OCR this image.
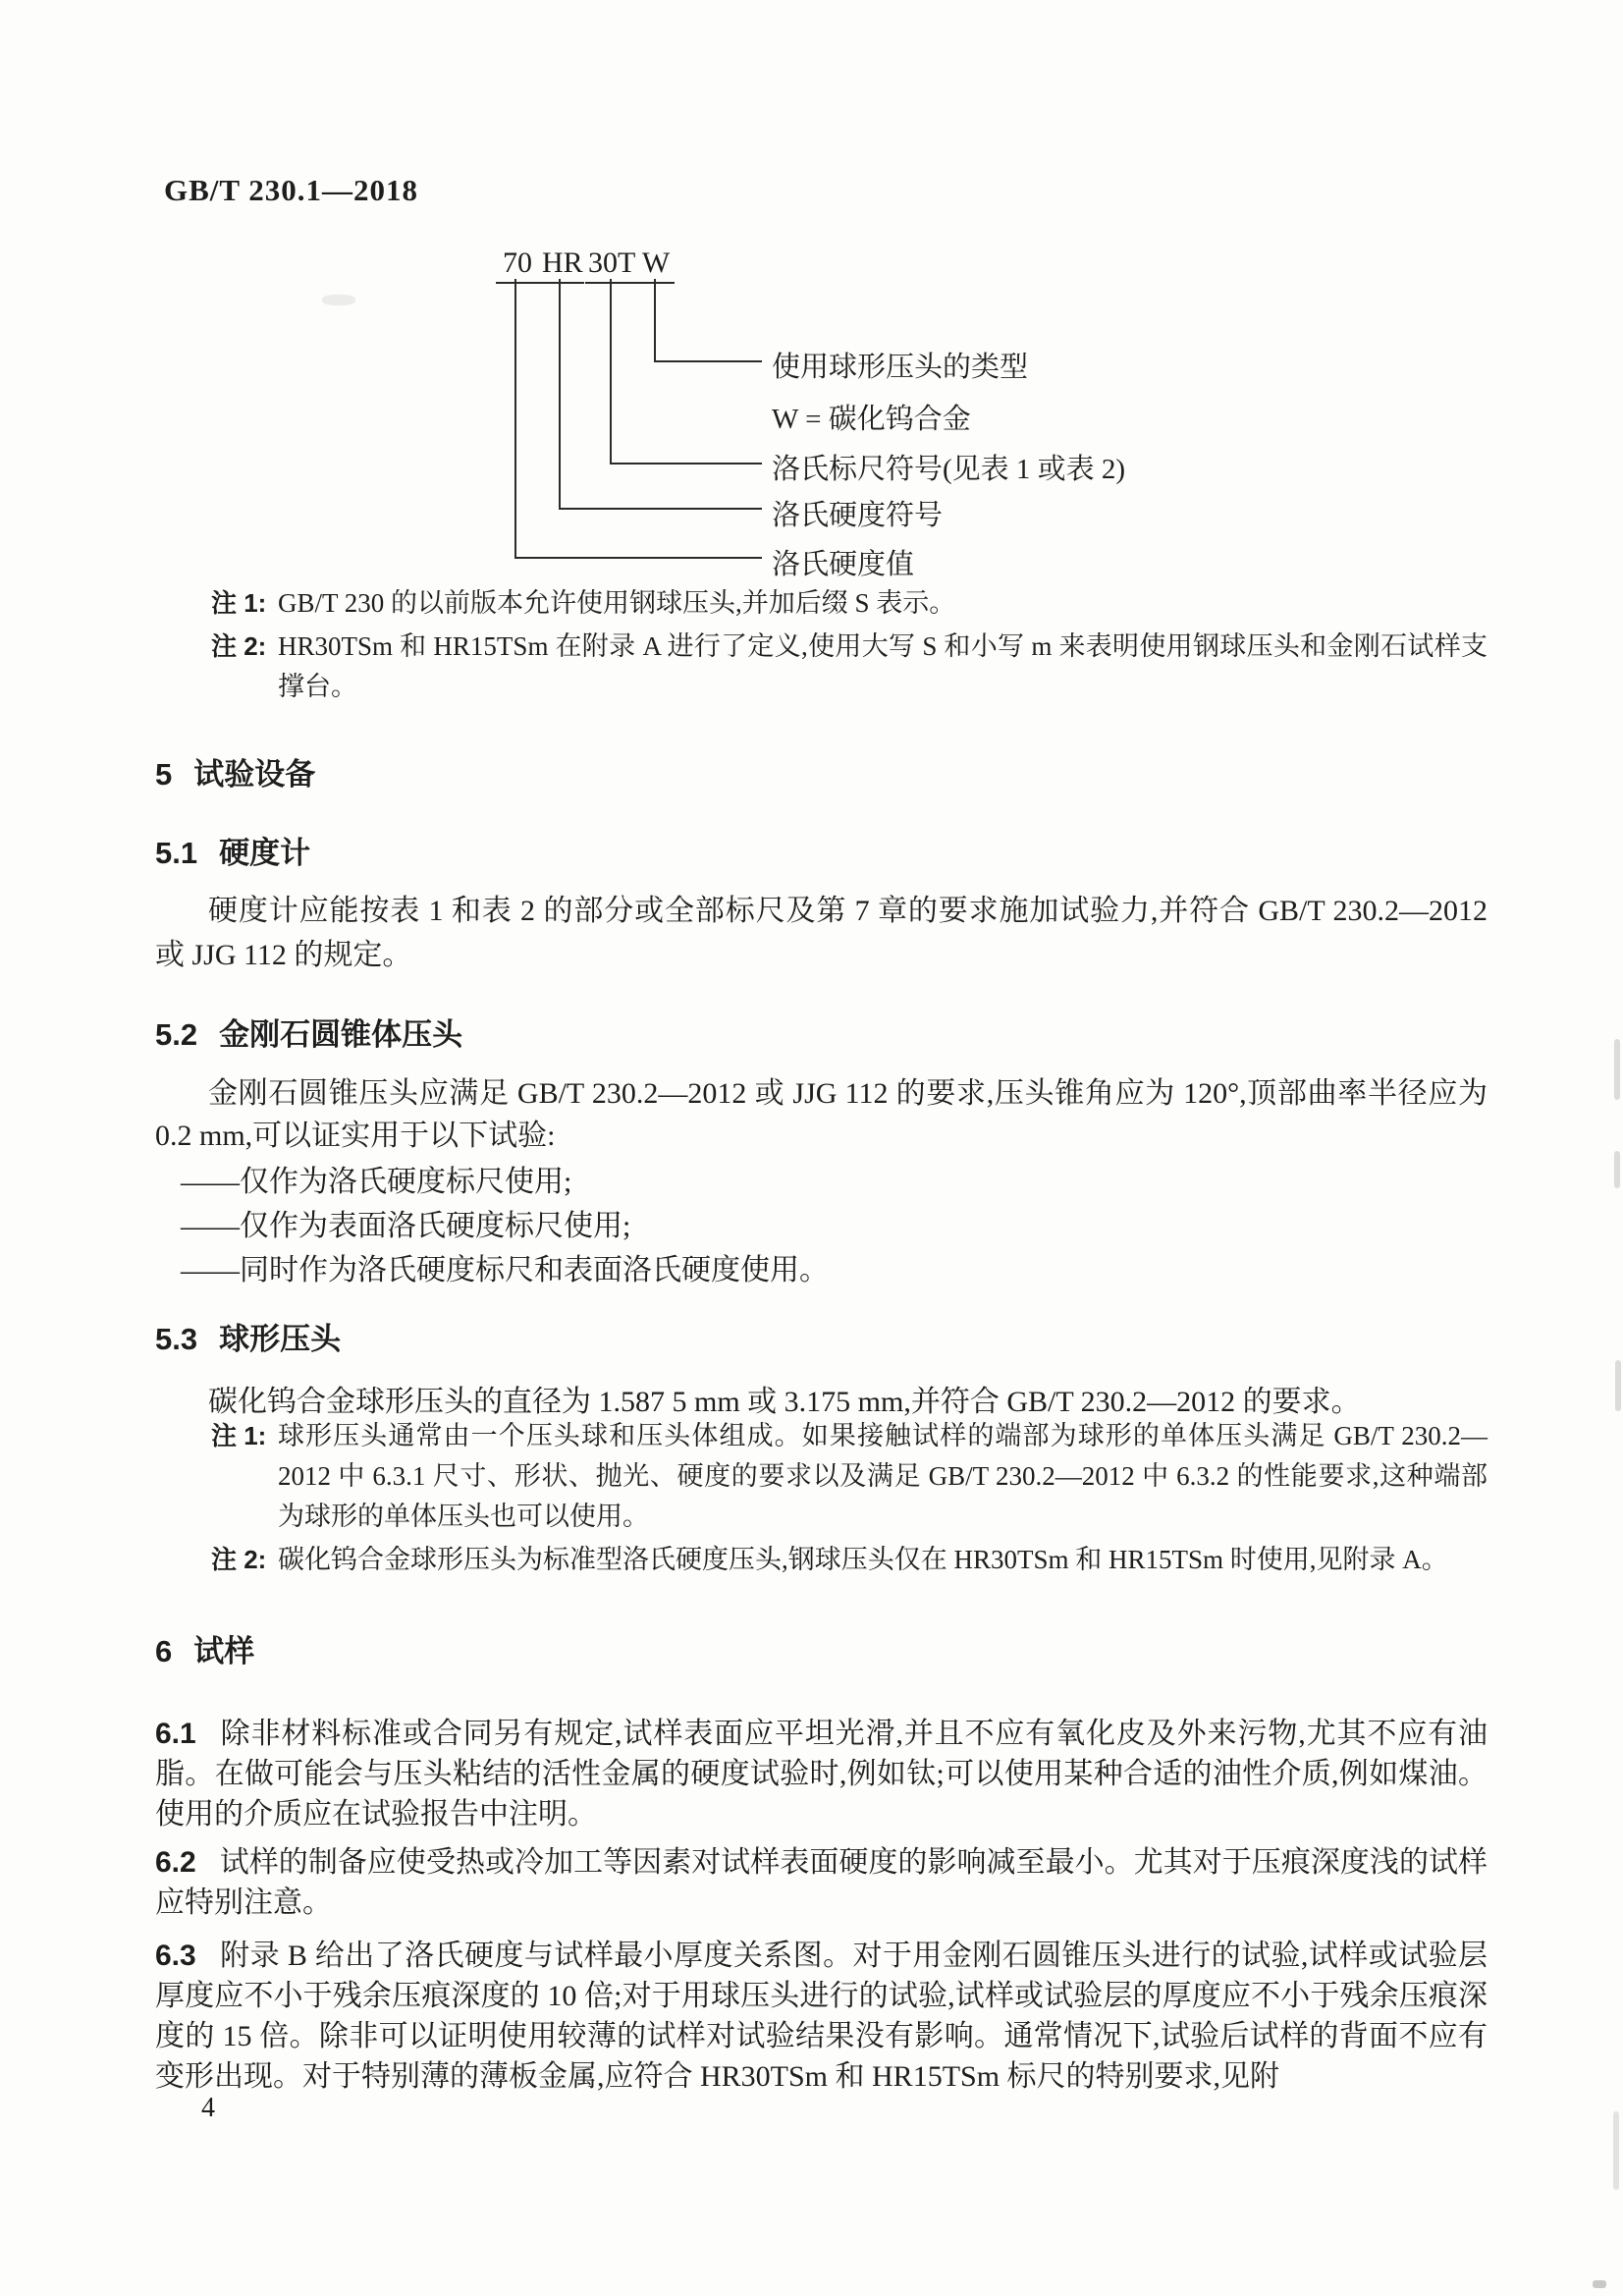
GB/T 230.1—2018
70 HR 30T W
使用球形压头的类型
W = 碳化钨合金
洛氏标尺符号(见表 1 或表 2)
洛氏硬度符号
洛氏硬度值
注 1: GB/T 230 的以前版本允许使用钢球压头,并加后缀 S 表示。
注 2: HR30TSm 和 HR15TSm 在附录 A 进行了定义,使用大写 S 和小写 m 来表明使用钢球压头和金刚石试样支撑台。
5 试验设备
5.1 硬度计
硬度计应能按表 1 和表 2 的部分或全部标尺及第 7 章的要求施加试验力,并符合 GB/T 230.2—2012 或 JJG 112 的规定。
5.2 金刚石圆锥体压头
金刚石圆锥压头应满足 GB/T 230.2—2012 或 JJG 112 的要求,压头锥角应为 120°,顶部曲率半径应为 0.2 mm,可以证实用于以下试验:
——仅作为洛氏硬度标尺使用;
——仅作为表面洛氏硬度标尺使用;
——同时作为洛氏硬度标尺和表面洛氏硬度使用。
5.3 球形压头
碳化钨合金球形压头的直径为 1.587 5 mm 或 3.175 mm,并符合 GB/T 230.2—2012 的要求。
注 1: 球形压头通常由一个压头球和压头体组成。如果接触试样的端部为球形的单体压头满足 GB/T 230.2—2012 中 6.3.1 尺寸、形状、抛光、硬度的要求以及满足 GB/T 230.2—2012 中 6.3.2 的性能要求,这种端部为球形的单体压头也可以使用。
注 2: 碳化钨合金球形压头为标准型洛氏硬度压头,钢球压头仅在 HR30TSm 和 HR15TSm 时使用,见附录 A。
6 试样
6.1 除非材料标准或合同另有规定,试样表面应平坦光滑,并且不应有氧化皮及外来污物,尤其不应有油脂。在做可能会与压头粘结的活性金属的硬度试验时,例如钛;可以使用某种合适的油性介质,例如煤油。使用的介质应在试验报告中注明。
6.2 试样的制备应使受热或冷加工等因素对试样表面硬度的影响减至最小。尤其对于压痕深度浅的试样应特别注意。
6.3 附录 B 给出了洛氏硬度与试样最小厚度关系图。对于用金刚石圆锥压头进行的试验,试样或试验层厚度应不小于残余压痕深度的 10 倍;对于用球压头进行的试验,试样或试验层的厚度应不小于残余压痕深度的 15 倍。除非可以证明使用较薄的试样对试验结果没有影响。通常情况下,试验后试样的背面不应有变形出现。对于特别薄的薄板金属,应符合 HR30TSm 和 HR15TSm 标尺的特别要求,见附
4
